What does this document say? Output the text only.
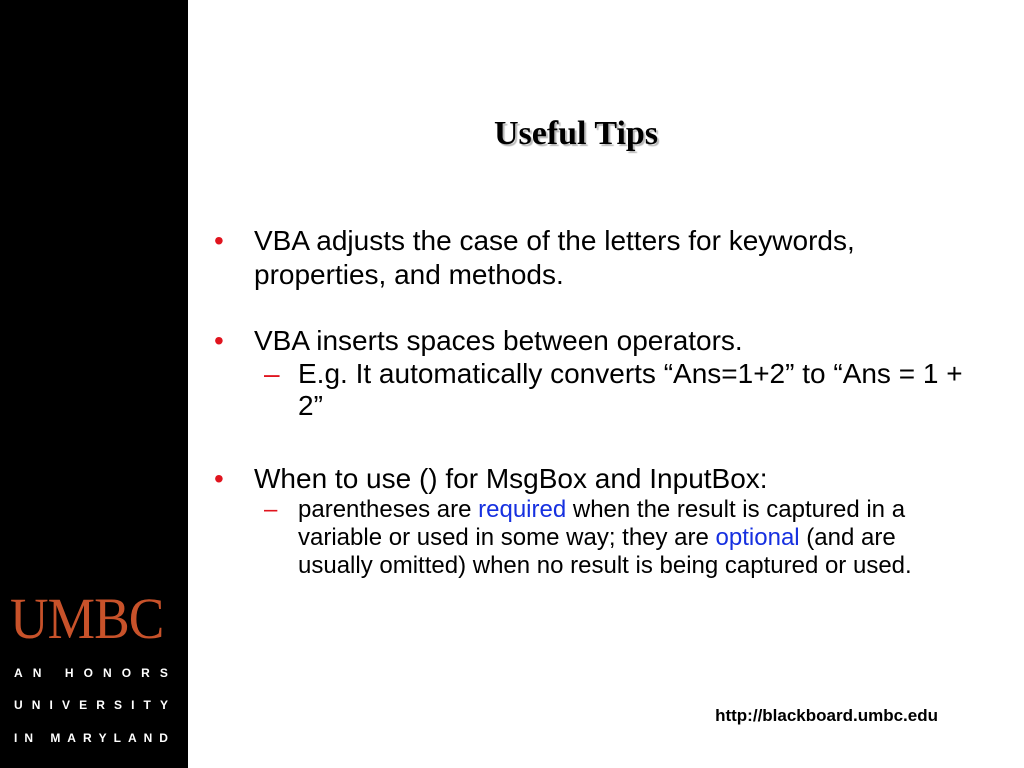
UMBC
A N
H O N O R S
U N I V E R S I T Y
I N
M A R Y L A N D
Useful Tips
•	VBA adjusts the case of the letters for keywords, properties, and methods.
•	VBA inserts spaces between operators.
– E.g. It automatically converts “Ans=1+2” to “Ans = 1 + 2”
•	When to use () for MsgBox and InputBox:
– parentheses are required when the result is captured in a variable or used in some way; they are optional (and are usually omitted) when no result is being captured or used.
http://blackboard.umbc.edu
